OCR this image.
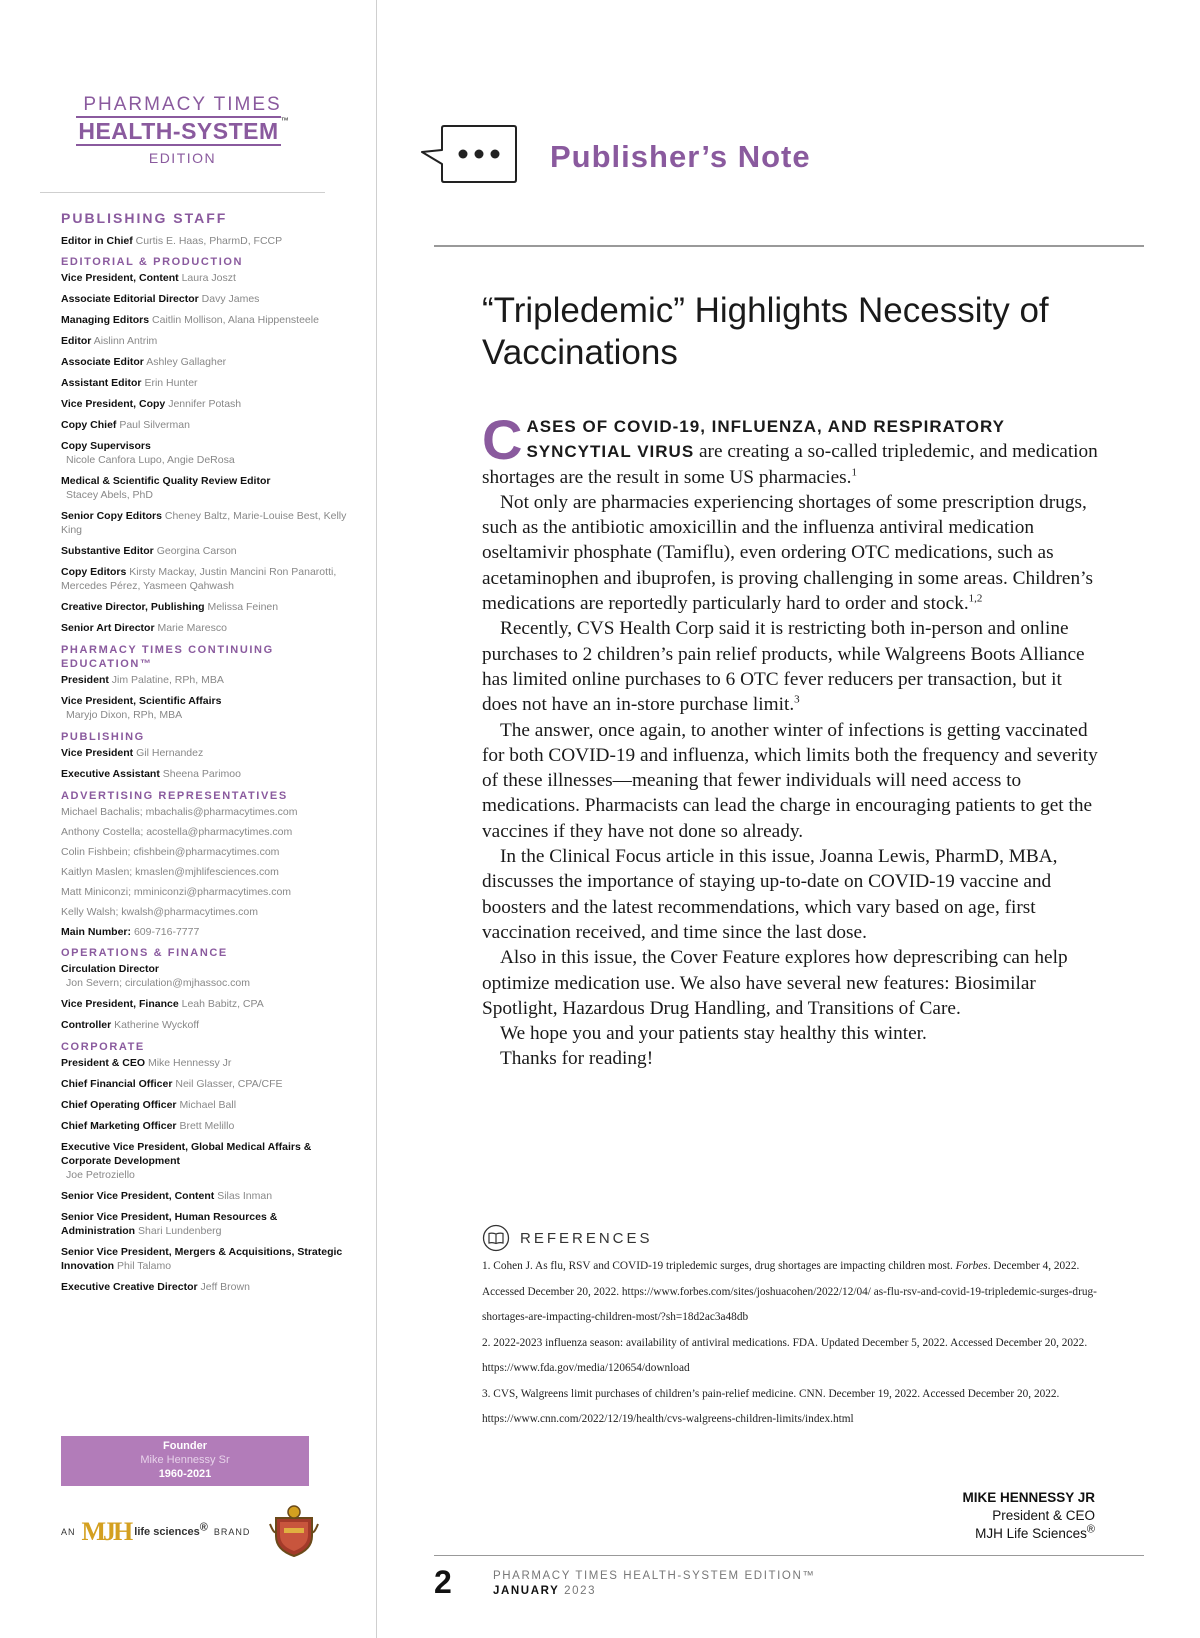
PHARMACY TIMES
HEALTH-SYSTEM ™
EDITION
PUBLISHING STAFF
Editor in Chief Curtis E. Haas, PharmD, FCCP
EDITORIAL & PRODUCTION
Vice President, Content Laura Joszt
Associate Editorial Director Davy James
Managing Editors Caitlin Mollison, Alana Hippensteele
Editor Aislinn Antrim
Associate Editor Ashley Gallagher
Assistant Editor Erin Hunter
Vice President, Copy Jennifer Potash
Copy Chief Paul Silverman
Copy Supervisors
Nicole Canfora Lupo, Angie DeRosa
Medical & Scientific Quality Review Editor
Stacey Abels, PhD
Senior Copy Editors Cheney Baltz, Marie-Louise Best, Kelly King
Substantive Editor Georgina Carson
Copy Editors Kirsty Mackay, Justin Mancini Ron Panarotti, Mercedes Pérez, Yasmeen Qahwash
Creative Director, Publishing Melissa Feinen
Senior Art Director Marie Maresco
PHARMACY TIMES CONTINUING EDUCATION™
President Jim Palatine, RPh, MBA
Vice President, Scientific Affairs
Maryjo Dixon, RPh, MBA
PUBLISHING
Vice President Gil Hernandez
Executive Assistant Sheena Parimoo
ADVERTISING REPRESENTATIVES
Michael Bachalis; mbachalis@pharmacytimes.com
Anthony Costella; acostella@pharmacytimes.com
Colin Fishbein; cfishbein@pharmacytimes.com
Kaitlyn Maslen; kmaslen@mjhlifesciences.com
Matt Miniconzi; mminiconzi@pharmacytimes.com
Kelly Walsh; kwalsh@pharmacytimes.com
Main Number: 609-716-7777
OPERATIONS & FINANCE
Circulation Director
Jon Severn; circulation@mjhassoc.com
Vice President, Finance Leah Babitz, CPA
Controller Katherine Wyckoff
CORPORATE
President & CEO Mike Hennessy Jr
Chief Financial Officer Neil Glasser, CPA/CFE
Chief Operating Officer Michael Ball
Chief Marketing Officer Brett Melillo
Executive Vice President, Global Medical Affairs & Corporate Development
Joe Petroziello
Senior Vice President, Content Silas Inman
Senior Vice President, Human Resources & Administration Shari Lundenberg
Senior Vice President, Mergers & Acquisitions, Strategic Innovation Phil Talamo
Executive Creative Director Jeff Brown
Founder
Mike Hennessy Sr
1960-2021
AN MJH life sciences® BRAND
Publisher’s Note
“Tripledemic” Highlights Necessity of Vaccinations

CASES OF COVID-19, INFLUENZA, AND RESPIRATORY SYNCYTIAL VIRUS are creating a so-called tripledemic, and medication shortages are the result in some US pharmacies.$^1$

Not only are pharmacies experiencing shortages of some prescription drugs, such as the antibiotic amoxicillin and the influenza antiviral medication oseltamivir phosphate (Tamiflu), even ordering OTC medications, such as acetaminophen and ibuprofen, is proving challenging in some areas. Children’s medications are reportedly particularly hard to order and stock.$^{1,2}$

Recently, CVS Health Corp said it is restricting both in-person and online purchases to 2 children’s pain relief products, while Walgreens Boots Alliance has limited online purchases to 6 OTC fever reducers per transaction, but it does not have an in-store purchase limit.$^3$

The answer, once again, to another winter of infections is getting vaccinated for both COVID-19 and influenza, which limits both the frequency and severity of these illnesses—meaning that fewer individuals will need access to medications. Pharmacists can lead the charge in encouraging patients to get the vaccines if they have not done so already.

In the Clinical Focus article in this issue, Joanna Lewis, PharmD, MBA, discusses the importance of staying up-to-date on COVID-19 vaccine and boosters and the latest recommendations, which vary based on age, first vaccination received, and time since the last dose.

Also in this issue, the Cover Feature explores how deprescribing can help optimize medication use. We also have several new features: Biosimilar Spotlight, Hazardous Drug Handling, and Transitions of Care.

We hope you and your patients stay healthy this winter.

Thanks for reading!

REFERENCES

1. Cohen J. As flu, RSV and COVID-19 tripledemic surges, drug shortages are impacting children most. Forbes. December 4, 2022. Accessed December 20, 2022. https://www.forbes.com/sites/joshuacohen/2022/12/04/ as-flu-rsv-and-covid-19-tripledemic-surges-drug-shortages-are-impacting-children-most/?sh=18d2ac3a48db

2. 2022-2023 influenza season: availability of antiviral medications. FDA. Updated December 5, 2022. Accessed December 20, 2022. https://www.fda.gov/media/120654/download

3. CVS, Walgreens limit purchases of children’s pain-relief medicine. CNN. December 19, 2022. Accessed December 20, 2022. https://www.cnn.com/2022/12/19/health/cvs-walgreens-children-limits/index.html

MIKE HENNESSY JR
President & CEO
MJH Life Sciences®
2	PHARMACY TIMES HEALTH-SYSTEM EDITION™
JANUARY 2023
